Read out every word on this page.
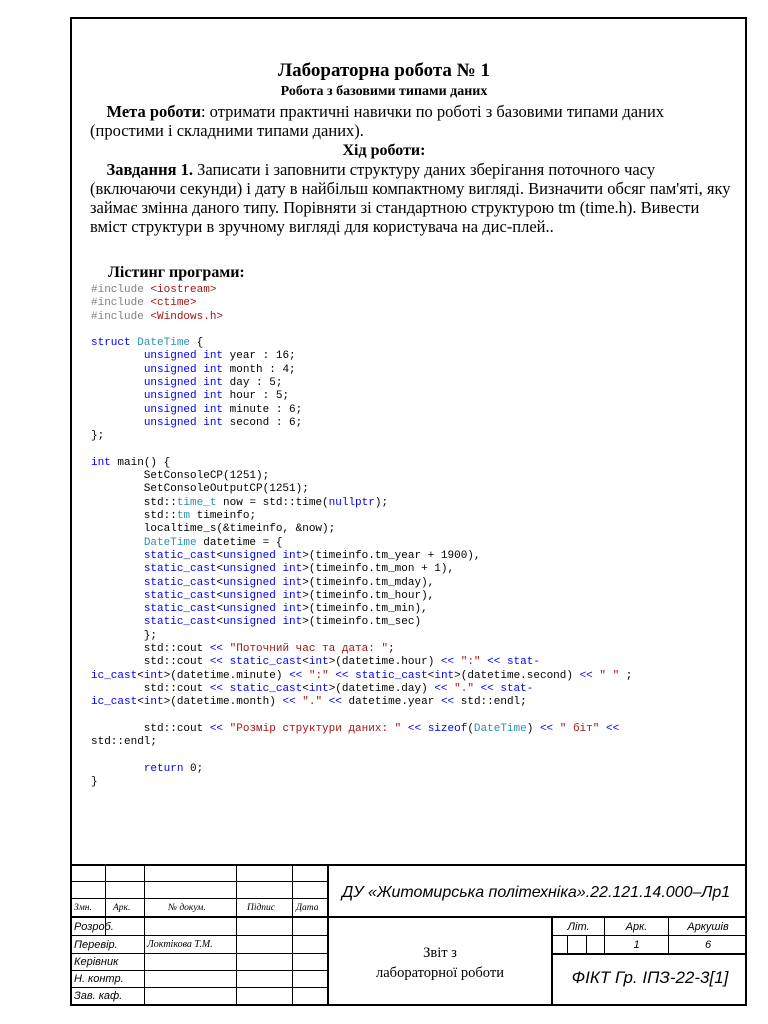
Лабораторна робота № 1
Робота з базовими типами даних
Мета роботи: отримати практичні навички по роботі з базовими типами даних (простими і складними типами даних).
Хід роботи:
Завдання 1. Записати і заповнити структуру даних зберігання поточного часу (включаючи секунди) і дату в найбільш компактному вигляді. Визначити обсяг пам'яті, яку займає змінна даного типу. Порівняти зі стандартною структурою tm (time.h). Вивести вміст структури в зручному вигляді для користувача на дис-плей..
Лістинг програми:
#include <iostream>
#include <ctime>
#include <Windows.h>

struct DateTime {
unsigned int year : 16;
unsigned int month : 4;
unsigned int day : 5;
unsigned int hour : 5;
unsigned int minute : 6;
unsigned int second : 6;
};

int main() {
SetConsoleCP(1251);
SetConsoleOutputCP(1251);
std::time_t now = std::time(nullptr);
std::tm timeinfo;
localtime_s(&timeinfo, &now);
DateTime datetime = {
static_cast<unsigned int>(timeinfo.tm_year + 1900),
static_cast<unsigned int>(timeinfo.tm_mon + 1),
static_cast<unsigned int>(timeinfo.tm_mday),
static_cast<unsigned int>(timeinfo.tm_hour),
static_cast<unsigned int>(timeinfo.tm_min),
static_cast<unsigned int>(timeinfo.tm_sec)
};
std::cout << "Поточний час та дата: ";
std::cout << static_cast<int>(datetime.hour) << ":" << stat-
ic_cast<int>(datetime.minute) << ":" << static_cast<int>(datetime.second) << " " ;
std::cout << static_cast<int>(datetime.day) << "." << stat-
ic_cast<int>(datetime.month) << "." << datetime.year << std::endl;

std::cout << "Розмір структури даних: " << sizeof(DateTime) << " біт" <<
std::endl;

return 0;
}
Змн. Арк.	№ докум.	Підпис Дата
ДУ «Житомирська політехніка».22.121.14.000–Лр1
Розроб.
Перевір.	Локтікова Т.М.
Керівник
Н. контр.
Зав. каф.
Звіт з
лабораторної роботи
Літ.	Арк.	Аркушів
1	6
ФІКТ Гр. ІПЗ-22-3[1]
